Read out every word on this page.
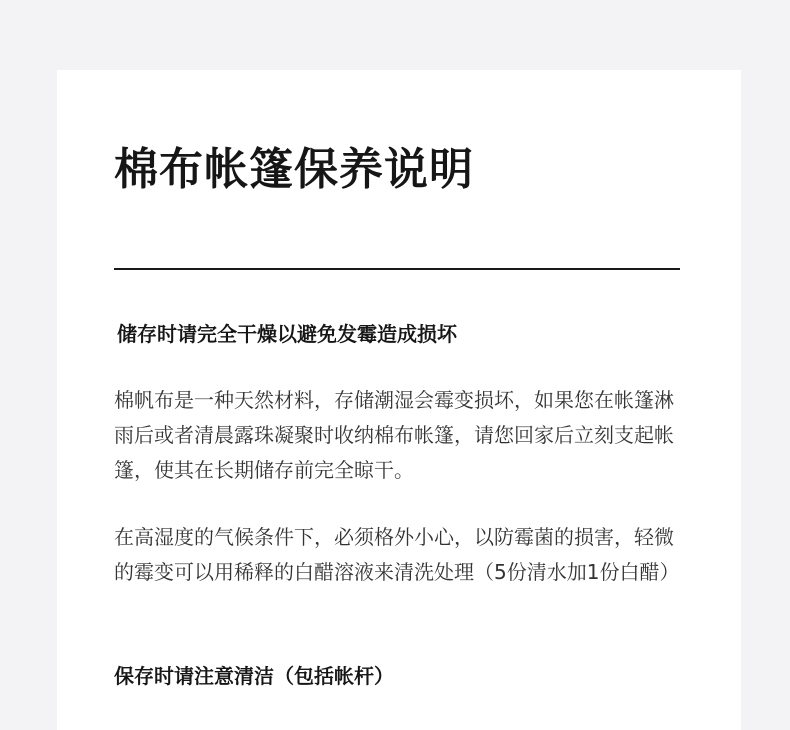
棉布帐篷保养说明
储存时请完全干燥以避免发霉造成损坏

棉帆布是一种天然材料，存储潮湿会霉变损坏，如果您在帐篷淋雨后或者清晨露珠凝聚时收纳棉布帐篷，请您回家后立刻支起帐篷，使其在长期储存前完全晾干。

在高湿度的气候条件下，必须格外小心，以防霉菌的损害，轻微的霉变可以用稀释的白醋溶液来清洗处理（5份清水加1份白醋）

保存时请注意清洁（包括帐杆）
